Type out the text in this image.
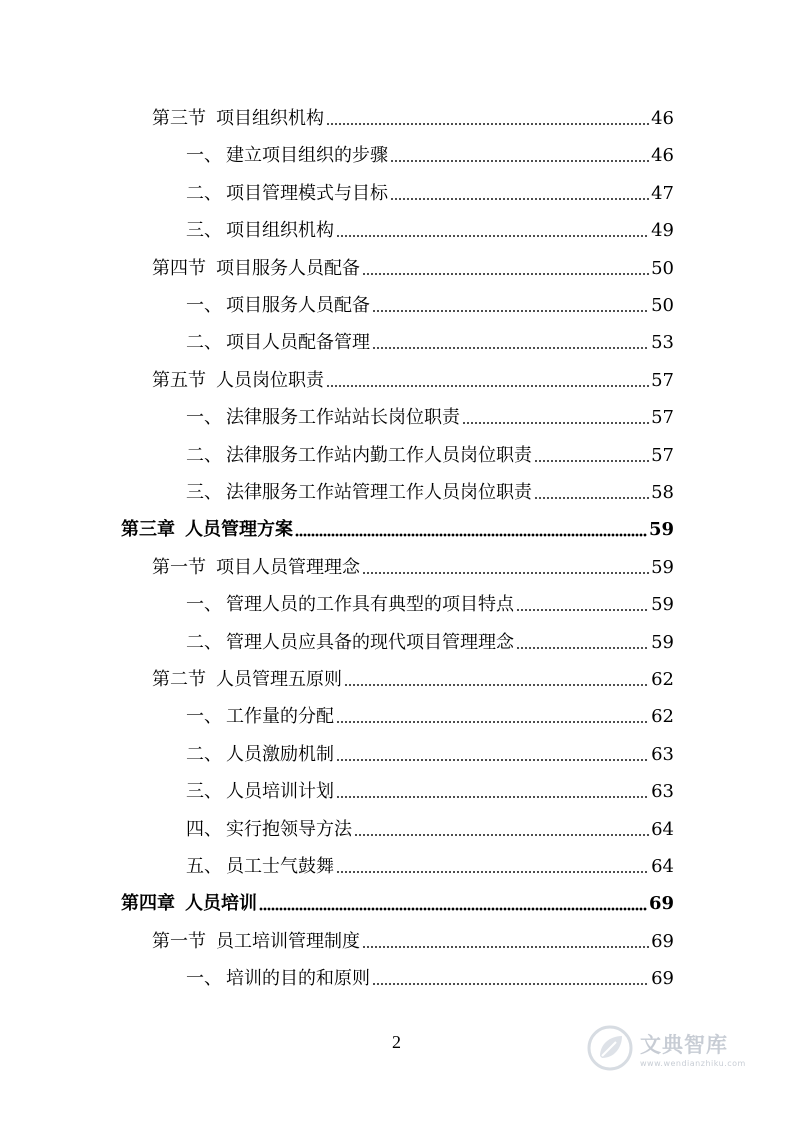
第三节 项目组织机构	46
一、 建立项目组织的步骤	46
二、 项目管理模式与目标	47
三、 项目组织机构	49
第四节 项目服务人员配备	50
一、 项目服务人员配备	50
二、 项目人员配备管理	53
第五节 人员岗位职责	57
一、 法律服务工作站站长岗位职责	57
二、 法律服务工作站内勤工作人员岗位职责	57
三、 法律服务工作站管理工作人员岗位职责	58
第三章 人员管理方案	59
第一节 项目人员管理理念	59
一、 管理人员的工作具有典型的项目特点	59
二、 管理人员应具备的现代项目管理理念	59
第二节 人员管理五原则	62
一、 工作量的分配	62
二、 人员激励机制	63
三、 人员培训计划	63
四、 实行抱领导方法	64
五、 员工士气鼓舞	64
第四章 人员培训	69
第一节 员工培训管理制度	69
一、 培训的目的和原则	69
2	文典智库
www.wendianzhiku.com
